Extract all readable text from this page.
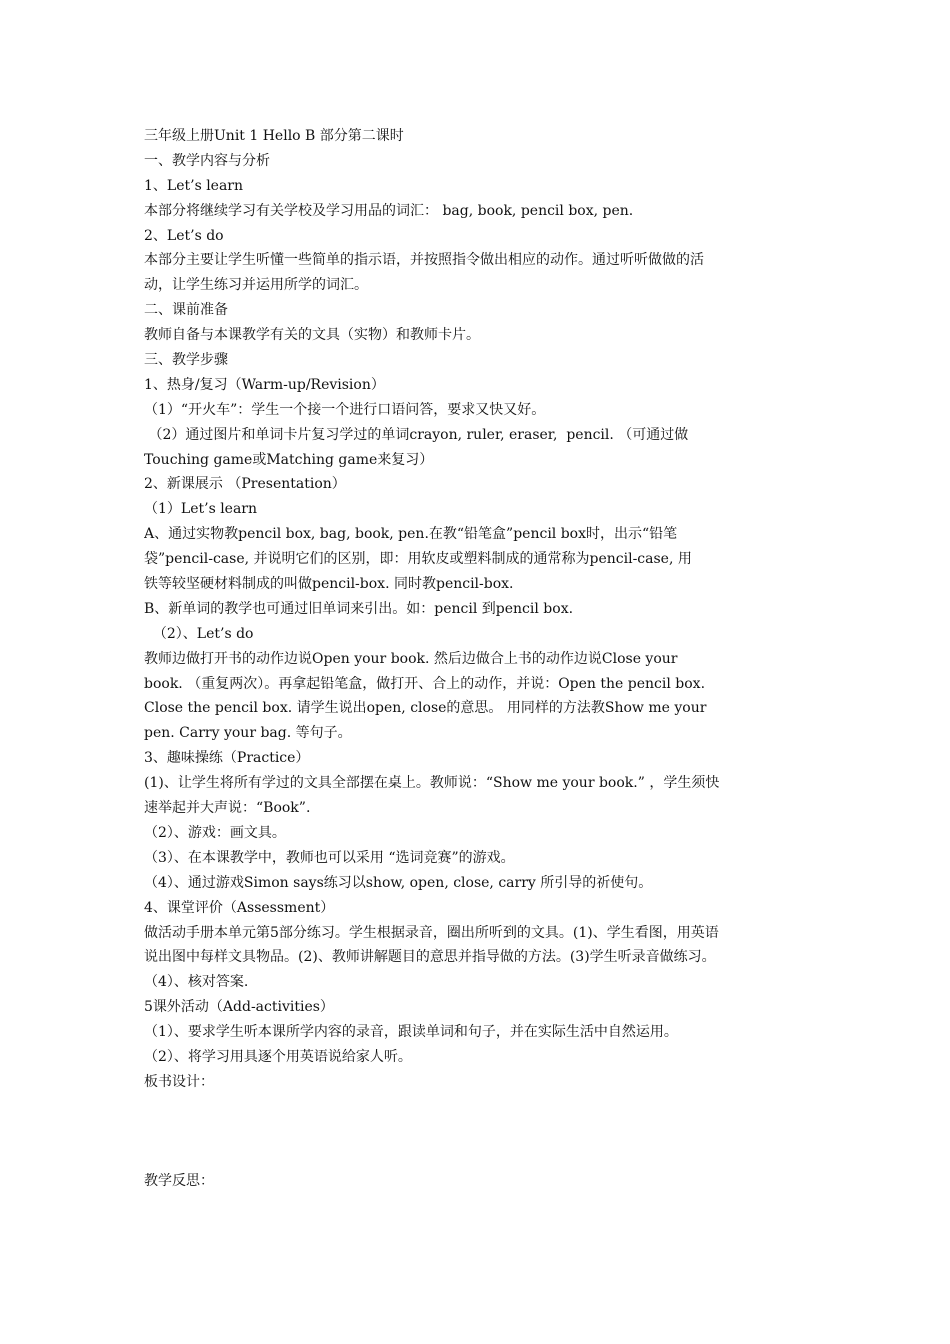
三年级上册Unit 1 Hello B 部分第二课时
一、教学内容与分析
1、Let’s learn
本部分将继续学习有关学校及学习用品的词汇： bag, book, pencil box, pen.
2、Let’s do
本部分主要让学生听懂一些简单的指示语，并按照指令做出相应的动作。通过听听做做的活
动，让学生练习并运用所学的词汇。
二、课前准备
教师自备与本课教学有关的文具（实物）和教师卡片。
三、教学步骤
1、热身/复习（Warm-up/Revision）
（1）“开火车”：学生一个接一个进行口语问答，要求又快又好。
（2）通过图片和单词卡片复习学过的单词crayon, ruler, eraser,  pencil. （可通过做
Touching game或Matching game来复习）
2、新课展示 （Presentation）
（1）Let’s learn
A、通过实物教pencil box, bag, book, pen.在教“铅笔盒”pencil box时，出示“铅笔
袋”pencil-case, 并说明它们的区别，即：用软皮或塑料制成的通常称为pencil-case, 用
铁等较坚硬材料制成的叫做pencil-box. 同时教pencil-box.
B、新单词的教学也可通过旧单词来引出。如：pencil 到pencil box.
（2）、Let’s do
教师边做打开书的动作边说Open your book. 然后边做合上书的动作边说Close your
book. （重复两次）。再拿起铅笔盒，做打开、合上的动作，并说：Open the pencil box.
Close the pencil box. 请学生说出open, close的意思。 用同样的方法教Show me your
pen. Carry your bag. 等句子。
3、趣味操练（Practice）
(1)、让学生将所有学过的文具全部摆在桌上。教师说：“Show me your book.” ，学生须快
速举起并大声说：“Book”.
（2）、游戏：画文具。
（3）、在本课教学中，教师也可以采用 “选词竞赛”的游戏。
（4）、通过游戏Simon says练习以show, open, close, carry 所引导的祈使句。
4、课堂评价（Assessment）
做活动手册本单元第5部分练习。学生根据录音，圈出所听到的文具。(1)、学生看图，用英语
说出图中每样文具物品。(2)、教师讲解题目的意思并指导做的方法。(3)学生听录音做练习。
（4）、核对答案.
5课外活动（Add-activities）
（1）、要求学生听本课所学内容的录音，跟读单词和句子，并在实际生活中自然运用。
（2）、将学习用具逐个用英语说给家人听。
板书设计：
教学反思：
